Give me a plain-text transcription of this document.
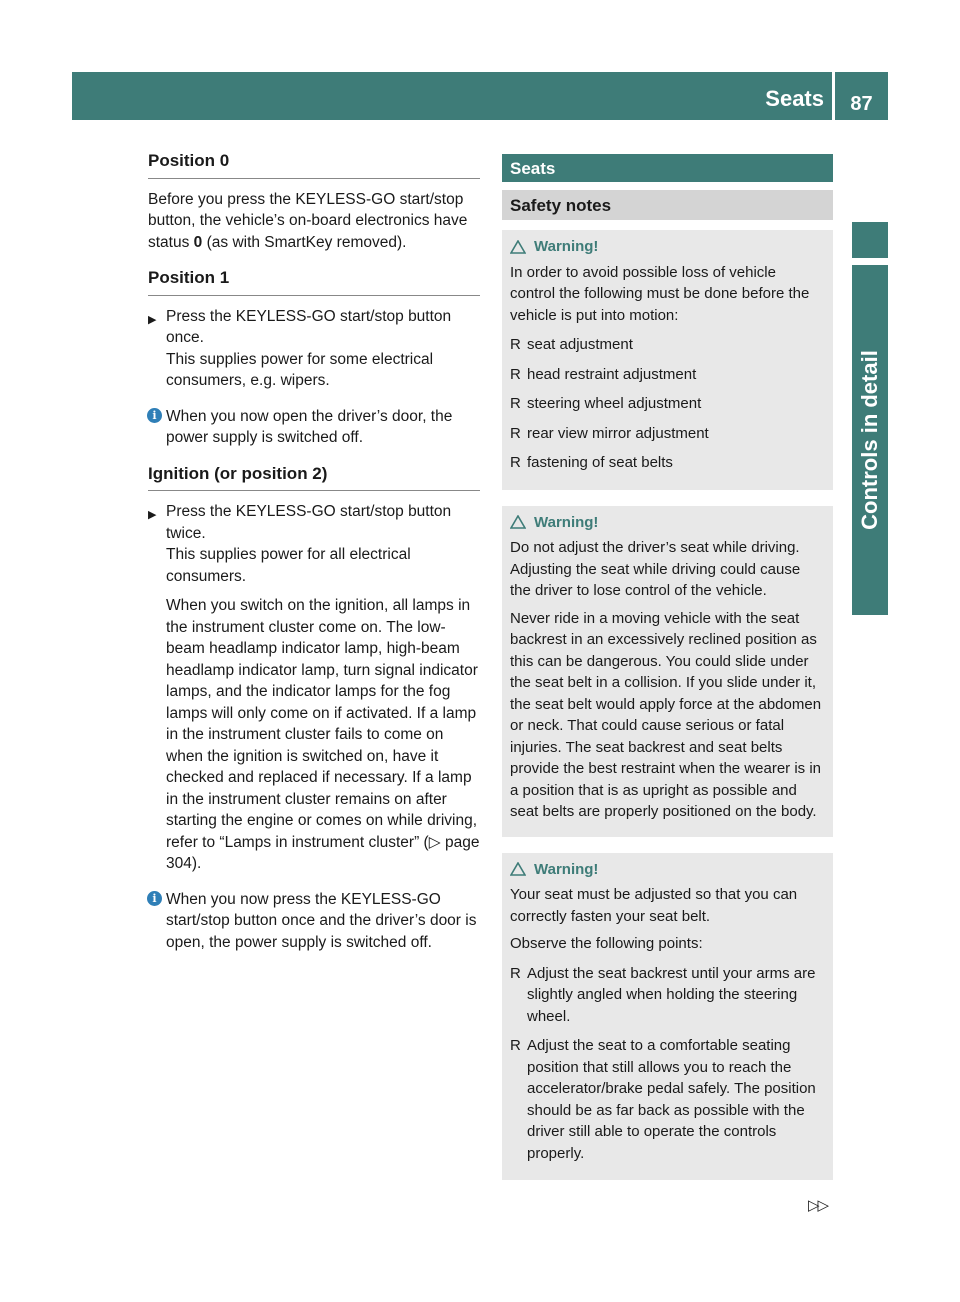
Seats	87
Controls in detail
Position 0

Before you press the KEYLESS-GO start/stop button, the vehicle’s on-board electronics have status 0 (as with SmartKey removed).

Position 1
▶ Press the KEYLESS-GO start/stop button once.
This supplies power for some electrical consumers, e.g. wipers.
i When you now open the driver’s door, the power supply is switched off.
Ignition (or position 2)
▶ Press the KEYLESS-GO start/stop button twice.
This supplies power for all electrical consumers.
When you switch on the ignition, all lamps in the instrument cluster come on. The low-beam headlamp indicator lamp, high-beam headlamp indicator lamp, turn signal indicator lamps, and the indicator lamps for the fog lamps will only come on if activated. If a lamp in the instrument cluster fails to come on when the ignition is switched on, have it checked and replaced if necessary. If a lamp in the instrument cluster remains on after starting the engine or comes on while driving, refer to “Lamps in instrument cluster” (▷ page 304).
i When you now press the KEYLESS-GO start/stop button once and the driver’s door is open, the power supply is switched off.
Seats
Safety notes
Warning!

In order to avoid possible loss of vehicle control the following must be done before the vehicle is put into motion:

R seat adjustment
R head restraint adjustment
R steering wheel adjustment
R rear view mirror adjustment
R fastening of seat belts
Warning!

Do not adjust the driver’s seat while driving. Adjusting the seat while driving could cause the driver to lose control of the vehicle.

Never ride in a moving vehicle with the seat backrest in an excessively reclined position as this can be dangerous. You could slide under the seat belt in a collision. If you slide under it, the seat belt would apply force at the abdomen or neck. That could cause serious or fatal injuries. The seat backrest and seat belts provide the best restraint when the wearer is in a position that is as upright as possible and seat belts are properly positioned on the body.

Warning!

Your seat must be adjusted so that you can correctly fasten your seat belt.

Observe the following points:

R Adjust the seat backrest until your arms are slightly angled when holding the steering wheel.
R Adjust the seat to a comfortable seating position that still allows you to reach the accelerator/brake pedal safely. The position should be as far back as possible with the driver still able to operate the controls properly.
▷▷
